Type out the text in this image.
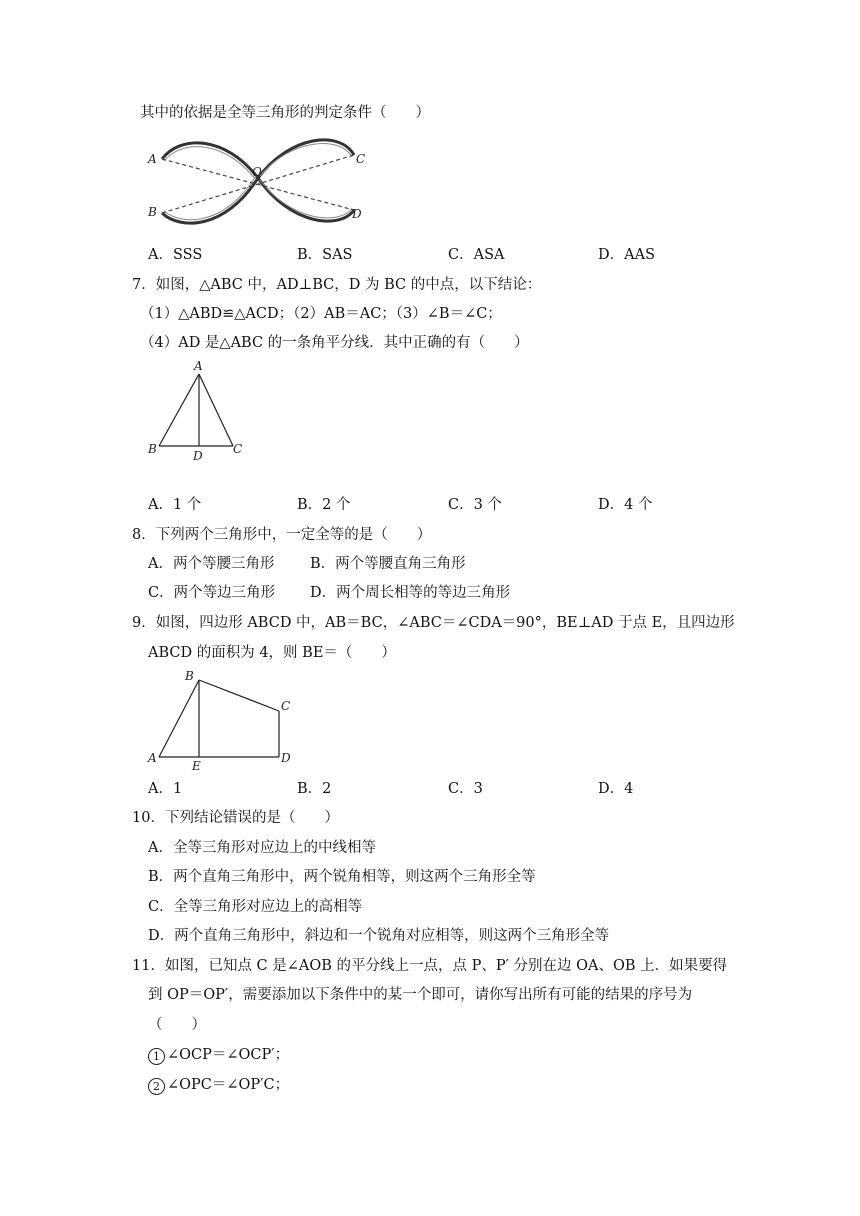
其中的依据是全等三角形的判定条件（　　）
A
B
C
D
O
A．SSS	B．SAS	C．ASA	D．AAS
7．如图，△ABC 中，AD⊥BC，D 为 BC 的中点，以下结论：
（1）△ABD≌△ACD；（2）AB＝AC；（3）∠B＝∠C；
（4）AD 是△ABC 的一条角平分线．其中正确的有（　　）
A
B	C
D
A．1 个	B．2 个	C．3 个	D．4 个
8．下列两个三角形中，一定全等的是（　　）
A．两个等腰三角形 B．两个等腰直角三角形
C．两个等边三角形 D．两个周长相等的等边三角形
9．如图，四边形 ABCD 中，AB＝BC，∠ABC＝∠CDA＝90°，BE⊥AD 于点 E，且四边形
ABCD 的面积为 4，则 BE＝（　　）
A
B
C
D
E
A．1	B．2	C．3	D．4
10．下列结论错误的是（　　）
A．全等三角形对应边上的中线相等
B．两个直角三角形中，两个锐角相等，则这两个三角形全等
C．全等三角形对应边上的高相等
D．两个直角三角形中，斜边和一个锐角对应相等，则这两个三角形全等
11．如图，已知点 C 是∠AOB 的平分线上一点，点 P、P′ 分别在边 OA、OB 上．如果要得
到 OP＝OP′，需要添加以下条件中的某一个即可，请你写出所有可能的结果的序号为
（　　）
1 ∠OCP＝∠OCP′；
2 ∠OPC＝∠OP′C；
